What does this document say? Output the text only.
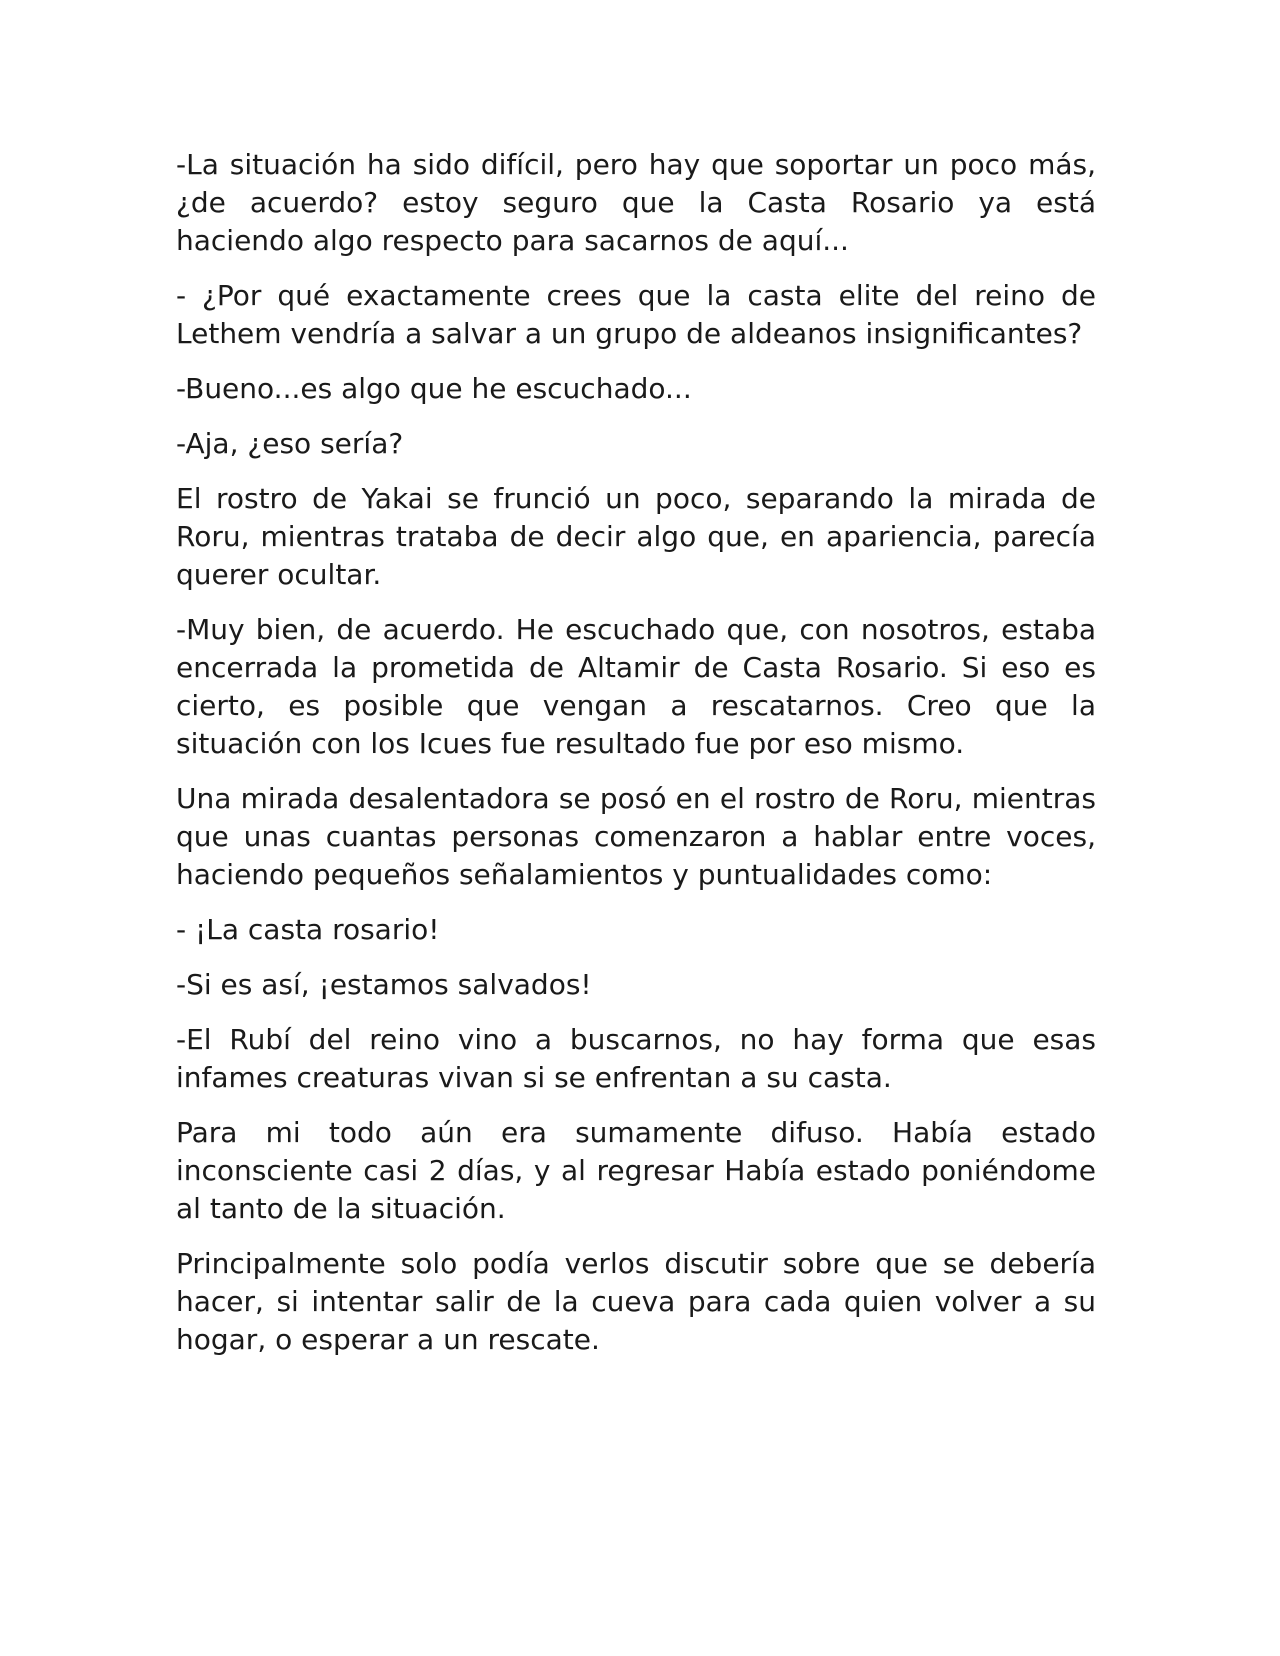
-La situación ha sido difícil, pero hay que soportar un poco más, ¿de acuerdo? estoy seguro que la Casta Rosario ya está haciendo algo respecto para sacarnos de aquí...

- ¿Por qué exactamente crees que la casta elite del reino de Lethem vendría a salvar a un grupo de aldeanos insignificantes?

-Bueno...es algo que he escuchado...

-Aja, ¿eso sería?

El rostro de Yakai se frunció un poco, separando la mirada de Roru, mientras trataba de decir algo que, en apariencia, parecía querer ocultar.

-Muy bien, de acuerdo. He escuchado que, con nosotros, estaba encerrada la prometida de Altamir de Casta Rosario. Si eso es cierto, es posible que vengan a rescatarnos. Creo que la situación con los Icues fue resultado fue por eso mismo.

Una mirada desalentadora se posó en el rostro de Roru, mientras que unas cuantas personas comenzaron a hablar entre voces, haciendo pequeños señalamientos y puntualidades como:

- ¡La casta rosario!

-Si es así, ¡estamos salvados!

-El Rubí del reino vino a buscarnos, no hay forma que esas infames creaturas vivan si se enfrentan a su casta.

Para mi todo aún era sumamente difuso. Había estado inconsciente casi 2 días, y al regresar Había estado poniéndome al tanto de la situación.

Principalmente solo podía verlos discutir sobre que se debería hacer, si intentar salir de la cueva para cada quien volver a su hogar, o esperar a un rescate.
